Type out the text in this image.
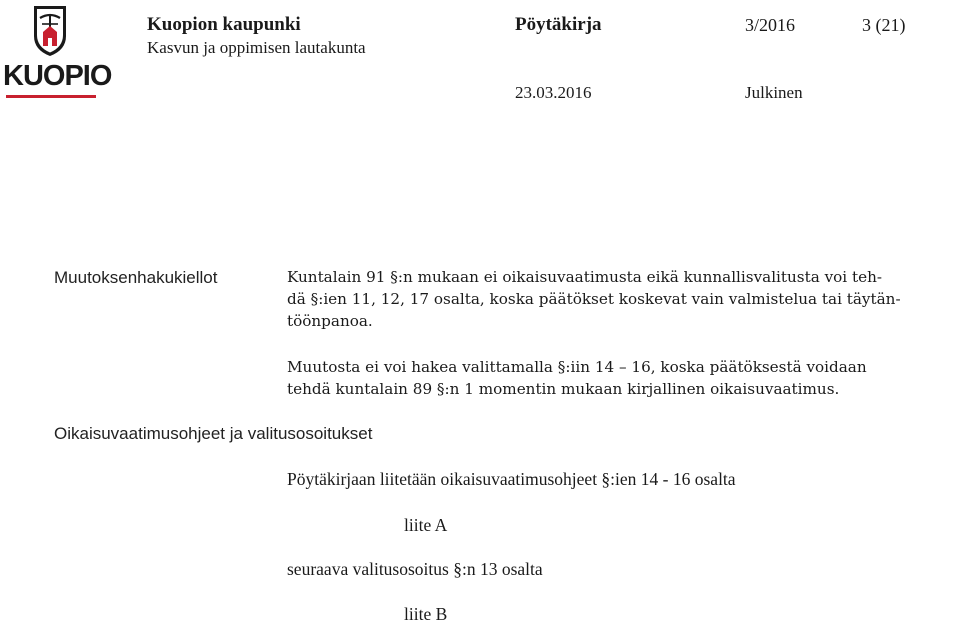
KUOPIO
Kuopion kaupunki
Kasvun ja oppimisen lautakunta
Pöytäkirja	3/2016	3 (21)
23.03.2016	Julkinen
Muutoksenhakukiellot
Oikaisuvaatimusohjeet ja valitusosoitukset
Kuntalain 91 §:n mukaan ei oikaisuvaatimusta eikä kunnallisvalitusta voi teh-
dä §:ien 11, 12, 17 osalta, koska päätökset koskevat vain valmistelua tai täytän-
töönpanoa.
Muutosta ei voi hakea valittamalla §:iin 14 – 16, koska päätöksestä voidaan
tehdä kuntalain 89 §:n 1 momentin mukaan kirjallinen oikaisuvaatimus.
Pöytäkirjaan liitetään oikaisuvaatimusohjeet §:ien 14 - 16 osalta
liite A
seuraava valitusosoitus §:n 13 osalta
liite B
